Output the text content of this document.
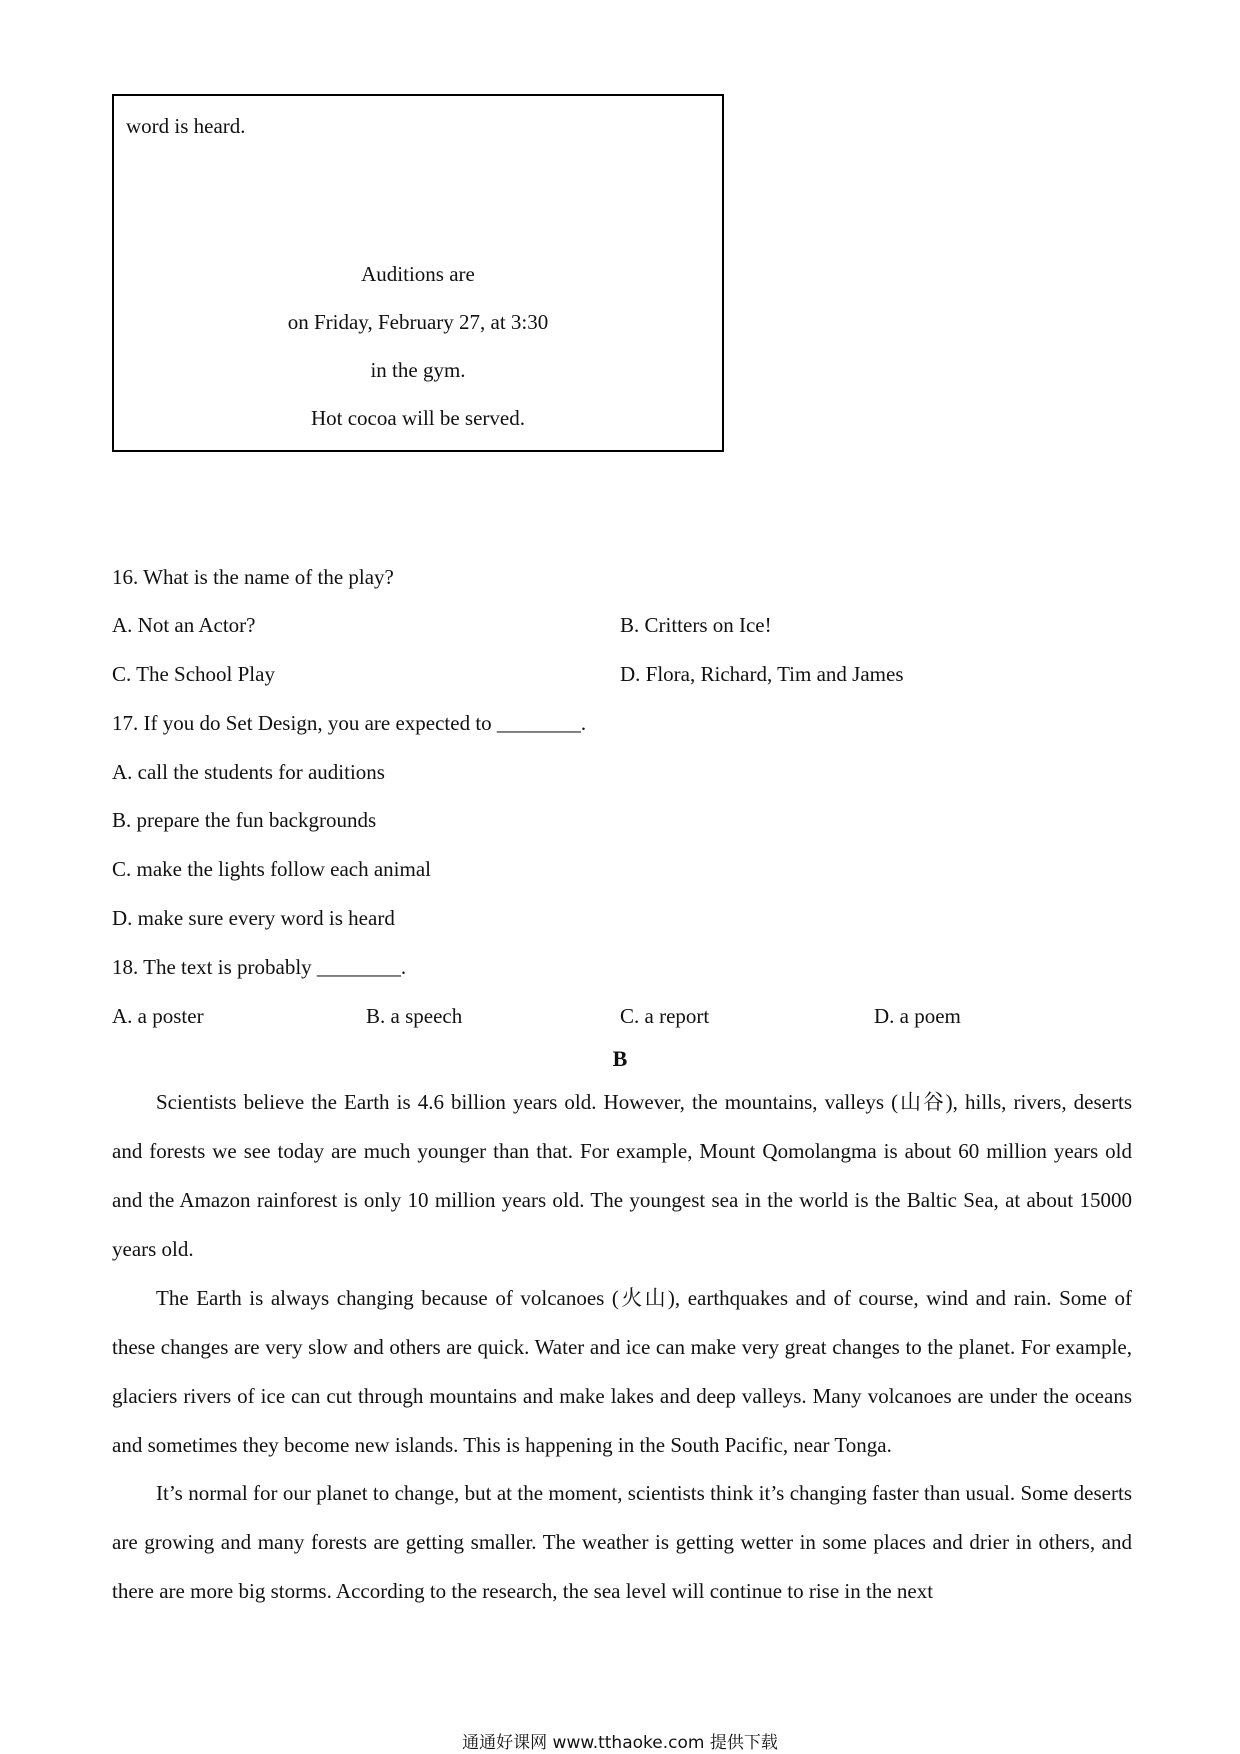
word is heard.
Auditions are
on Friday, February 27, at 3:30
in the gym.
Hot cocoa will be served.
16. What is the name of the play?
A. Not an Actor?	B. Critters on Ice!
C. The School Play	D. Flora, Richard, Tim and James
17. If you do Set Design, you are expected to ________.
A. call the students for auditions
B. prepare the fun backgrounds
C. make the lights follow each animal
D. make sure every word is heard
18. The text is probably ________.
A. a poster	B. a speech	C. a report	D. a poem
B
Scientists believe the Earth is 4.6 billion years old. However, the mountains, valleys (山谷), hills, rivers, deserts and forests we see today are much younger than that. For example, Mount Qomolangma is about 60 million years old and the Amazon rainforest is only 10 million years old. The youngest sea in the world is the Baltic Sea, at about 15000 years old.
The Earth is always changing because of volcanoes (火山), earthquakes and of course, wind and rain. Some of these changes are very slow and others are quick. Water and ice can make very great changes to the planet. For example, glaciers rivers of ice can cut through mountains and make lakes and deep valleys. Many volcanoes are under the oceans and sometimes they become new islands. This is happening in the South Pacific, near Tonga.
It’s normal for our planet to change, but at the moment, scientists think it’s changing faster than usual. Some deserts are growing and many forests are getting smaller. The weather is getting wetter in some places and drier in others, and there are more big storms. According to the research, the sea level will continue to rise in the next
通通好课网 www.tthaoke.com 提供下载
